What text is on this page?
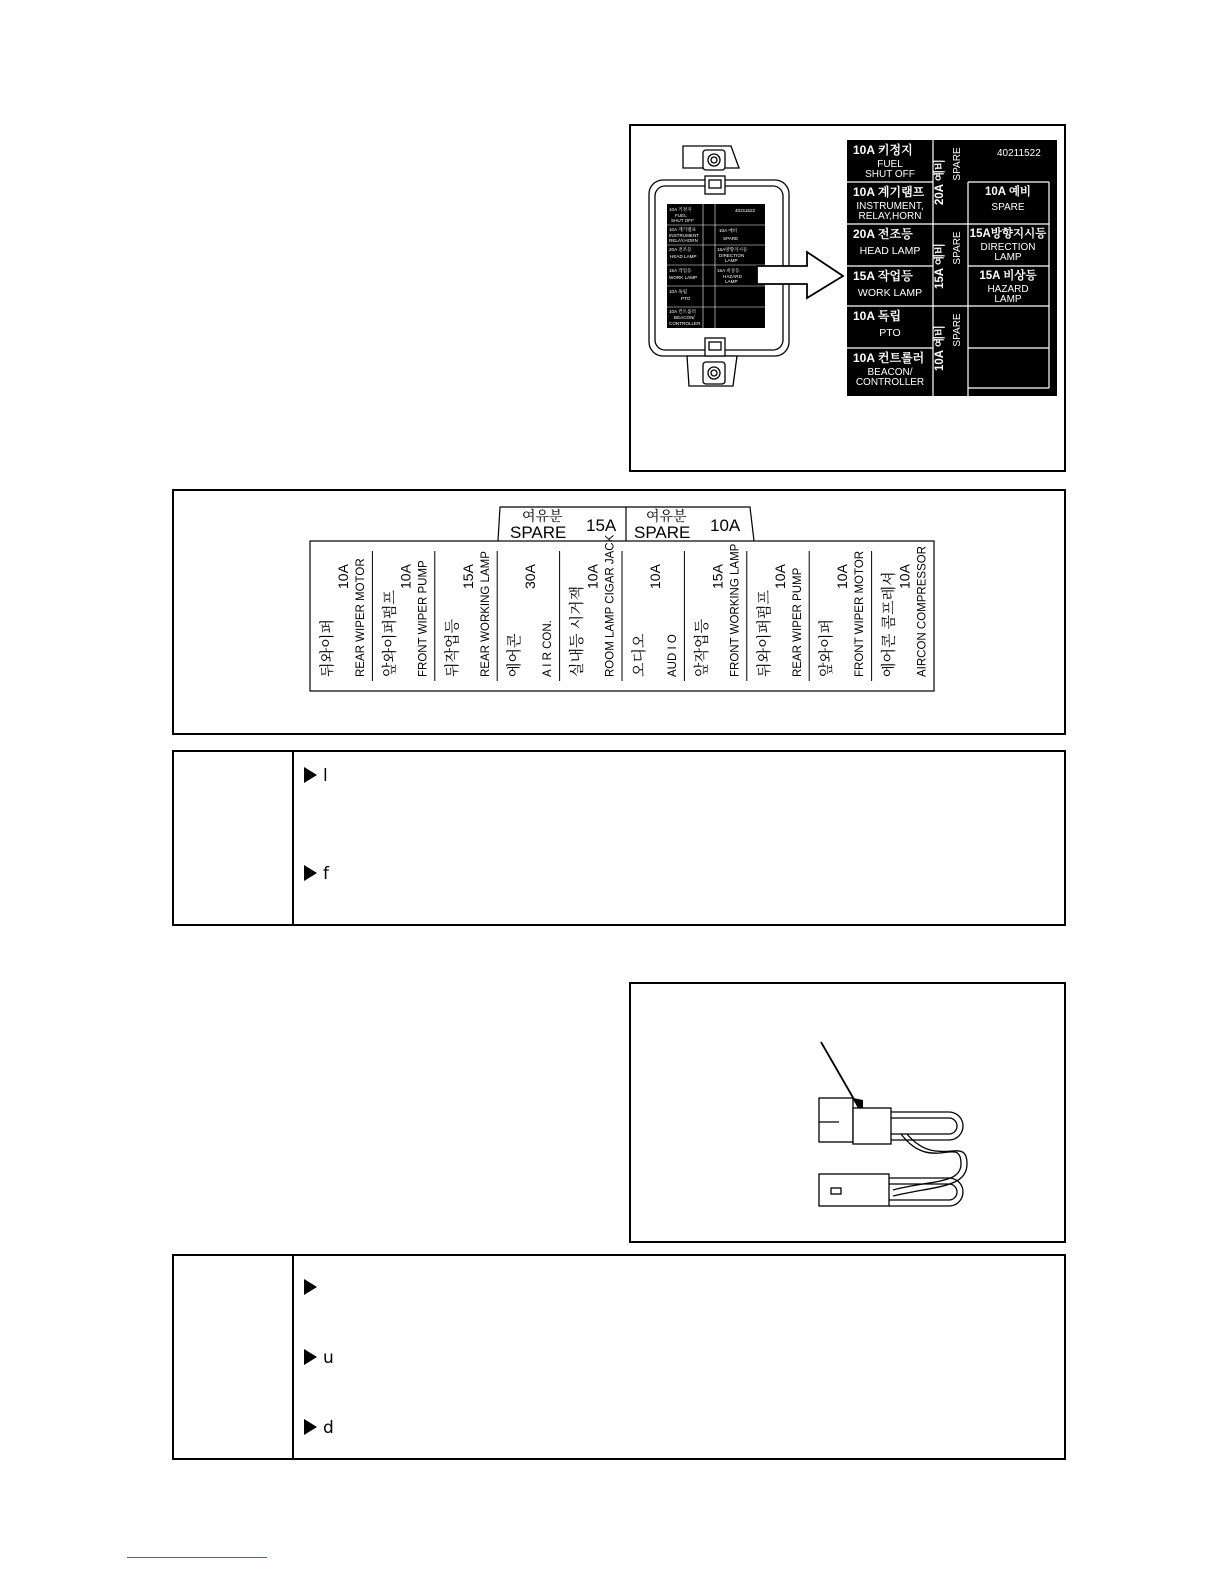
10A 키정지
FUEL
SHUT OFF
10A 계기램프
INSTRUMENT
RELAY,HORN
20A 전조등
HEAD LAMP
15A 작업등
WORK LAMP
10A 독립
PTO
10A 컨트롤러
BEACON/
CONTROLLER
40211522
10A 예비
SPARE
15A방향지시등
DIRECTION
LAMP
15A 비상등
HAZARD
LAMP
10A 키정지
FUEL
SHUT OFF
10A 계기램프
INSTRUMENT,
RELAY,HORN
20A 전조등
HEAD LAMP
15A 작업등
WORK LAMP
10A 독립
PTO
10A 컨트롤러
BEACON/
CONTROLLER
20A 예비 SPARE
15A 예비 SPARE
10A 예비 SPARE
10A 예비
SPARE
15A방향지시등
DIRECTION
LAMP
15A 비상등
HAZARD
LAMP
40211522
여유분
SPARE 15A 여유분
SPARE 10A
뒤와이퍼
10A REAR WIPER MOTOR 앞와이퍼펌프
10A FRONT WIPER PUMP 뒤작업등
15A REAR WORKING LAMP 에어콘
30A
A I R CON. 실내등 시거잭
10A ROOM LAMP CIGAR JACK 오디오
10A
AUD I O 앞작업등
15A FRONT WORKING LAMP 뒤와이퍼펌프
10A REAR WIPER PUMP 앞와이퍼
10A FRONT WIPER MOTOR 에어콘 콤프레셔 10A AIRCON COMPRESSOR
l
f
u
d
